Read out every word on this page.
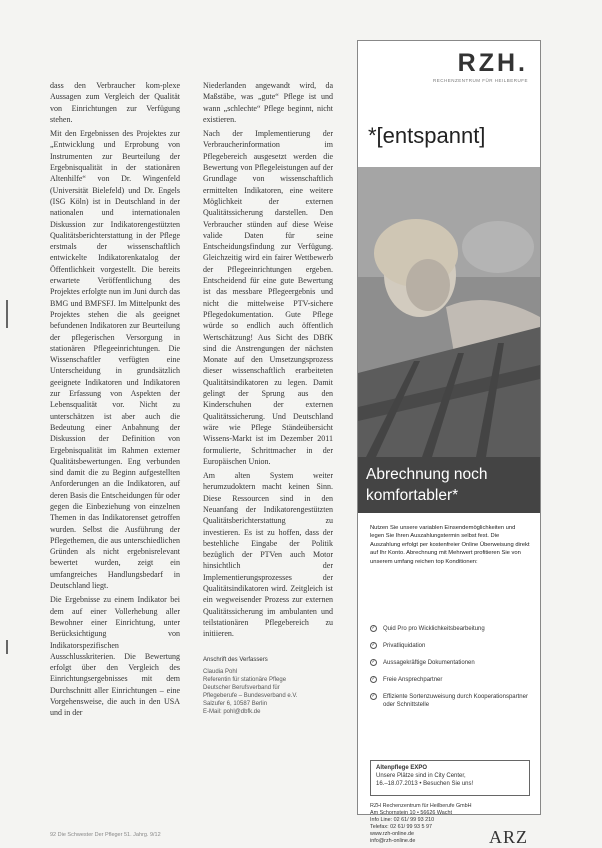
dass den Verbraucher kom-plexe Aussagen zum Vergleich der Qualität von Einrichtungen zur Verfügung stehen.

Mit den Ergebnissen des Projektes zur „Entwicklung und Erprobung von Instrumenten zur Beurteilung der Ergebnisqualität in der stationären Altenhilfe“ von Dr. Wingenfeld (Universität Bielefeld) und Dr. Engels (ISG Köln) ist in Deutschland in der nationalen und internationalen Diskussion zur Indikatorengestützten Qualitätsberichterstattung in der Pflege erstmals der wissenschaftlich entwickelte Indikatorenkatalog der Öffentlichkeit vorgestellt. Die bereits erwartete Veröffentlichung des Projektes erfolgte nun im Juni durch das BMG und BMFSFJ. Im Mittelpunkt des Projektes stehen die als geeignet befundenen Indikatoren zur Beurteilung der pflegerischen Versorgung in stationären Pflegeeinrichtungen. Die Wissenschaftler verfügten eine Unterscheidung in grundsätzlich geeignete Indikatoren und Indikatoren zur Erfassung von Aspekten der Lebensqualität vor. Nicht zu unterschätzen ist aber auch die Bedeutung einer Anbahnung der Diskussion der Definition von Ergebnisqualität im Rahmen externer Qualitätsbewertungen. Eng verbunden sind damit die zu Beginn aufgestellten Anforderungen an die Indikatoren, auf deren Basis die Entscheidungen für oder gegen die Einbeziehung von einzelnen Themen in das Indikatorenset getroffen wurden. Selbst die Ausführung der Pflegethemen, die aus unterschiedlichen Gründen als nicht ergebnisrelevant bewertet wurden, zeigt ein umfangreiches Handlungsbedarf in Deutschland liegt.

Die Ergebnisse zu einem Indikator bei dem auf einer Vollerhebung aller Bewohner einer Einrichtung, unter Berücksichtigung von Indikatorspezifischen Ausschlusskriterien. Die Bewertung erfolgt über den Vergleich des Einrichtungsergebnisses mit dem Durchschnitt aller Einrichtungen – eine Vorgehensweise, die auch in den USA und in der

Niederlanden angewandt wird, da Maßstäbe, was „gute“ Pflege ist und wann „schlechte“ Pflege beginnt, nicht existieren.

Nach der Implementierung der Verbraucherinformation im Pflegebereich ausgesetzt werden die Bewertung von Pflegeleistungen auf der Grundlage von wissenschaftlich ermittelten Indikatoren, eine weitere Möglichkeit der externen Qualitätssicherung darstellen. Den Verbraucher stünden auf diese Weise valide Daten für seine Entscheidungsfindung zur Verfügung. Gleichzeitig wird ein fairer Wettbewerb der Pflegeeinrichtungen ergeben. Entscheidend für eine gute Bewertung ist das messbare Pflegeergebnis und nicht die mittelweise PTV-sichere Pflegedokumentation. Gute Pflege würde so endlich auch öffentlich Wertschätzung! Aus Sicht des DBfK sind die Anstrengungen der nächsten Monate auf den Umsetzungsprozess dieser wissenschaftlich erarbeiteten Qualitätsindikatoren zu legen. Damit gelingt der Sprung aus den Kinderschuhen der externen Qualitätssicherung. Und Deutschland wäre wie Pflege Ständeübersicht Wissens-Markt ist im Dezember 2011 formulierte, Schrittmacher in der Europäischen Union.

Am alten System weiter herumzudoktern macht keinen Sinn. Diese Ressourcen sind in den Neuanfang der Indikatorengestützten Qualitätsberichterstattung zu investieren. Es ist zu hoffen, dass der bestehliche Eingabe der Politik bezüglich der PTVen auch Motor hinsichtlich der Implementierungsprozesses der Qualitätsindikatoren wird. Zeitgleich ist ein wegweisender Prozess zur externen Qualitätssicherung im ambulanten und teilstationären Pflegebereich zu initiieren.

Anschrift des Verfassers
Claudia Pohl
Referentin für stationäre Pflege
Deutscher Berufsverband für
Pflegeberufe – Bundesverband e.V.
Salzufer 6, 10587 Berlin
E-Mail: pohl@dbfk.de
92 Die Schwester Der Pfleger 51. Jahrg. 9/12
RZH.
RECHENZENTRUM FÜR HEILBERUFE
*[entspannt]
Abrechnung noch
komfortabler*
Nutzen Sie unsere variablen Einsendemöglichkeiten und legen Sie Ihren Auszahlungstermin selbst fest. Die Auszahlung erfolgt per kostenfreier Online Überweisung direkt auf Ihr Konto. Abrechnung mit Mehrwert profitieren Sie von unserem umfang reichen top Konditionen:
✓ Quid Pro pro Wicklichkeitsbearbeitung
✓ Privatliquidation
✓ Aussagekräftige Dokumentationen
✓ Freie Ansprechpartner
✓ Effiziente Sortenzuweisung durch Kooperationspartner oder Schnittstelle
Altenpflege EXPO
Unsere Plätze sind in City Center,
16.–18.07.2013 • Besuchen Sie uns!
RZH Rechenzentrum für Heilberufe GmbH
Am Schornstein 10 • 56626 Wacht
Info Line: 02 61/ 99 93 210
Telefax: 02 61/ 99 93 5 97
www.rzh-online.de
info@rzh-online.de	ARZ
